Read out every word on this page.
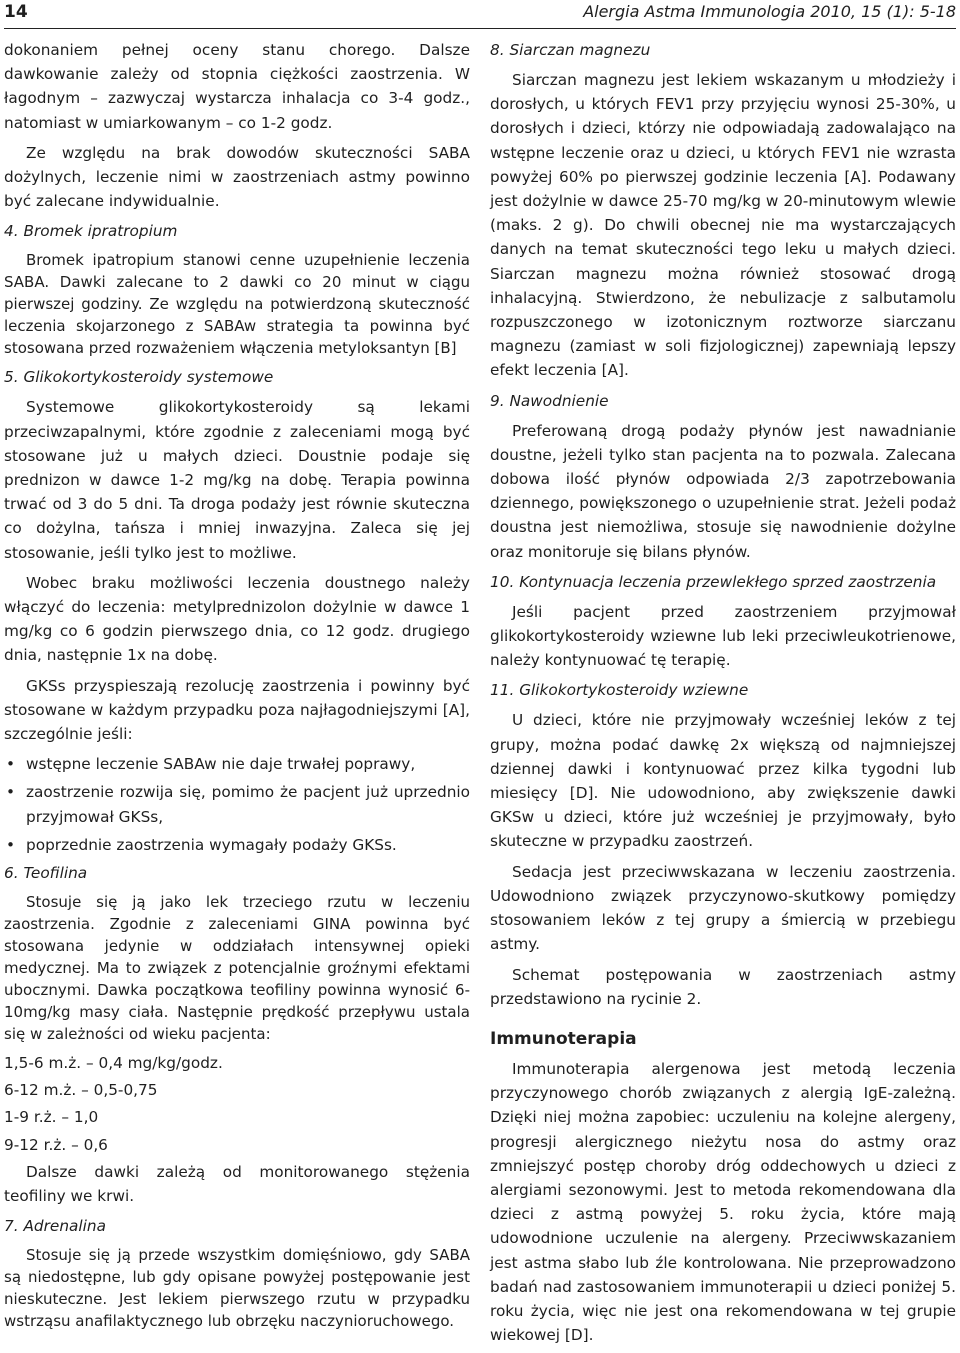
14	Alergia Astma Immunologia 2010, 15 (1): 5-18

dokonaniem pełnej oceny stanu chorego. Dalsze dawkowanie zależy od stopnia ciężkości zaostrzenia. W łagodnym – zazwyczaj wystarcza inhalacja co 3-4 godz., natomiast w umiarkowanym – co 1-2 godz.

Ze względu na brak dowodów skuteczności SABA dożylnych, leczenie nimi w zaostrzeniach astmy powinno być zalecane indywidualnie.

4. Bromek ipratropium

Bromek ipatropium stanowi cenne uzupełnienie leczenia SABA. Dawki zalecane to 2 dawki co 20 minut w ciągu pierwszej godziny. Ze względu na potwierdzoną skuteczność leczenia skojarzonego z SABAw strategia ta powinna być stosowana przed rozważeniem włączenia metyloksantyn [B]

5. Glikokortykosteroidy systemowe

Systemowe glikokortykosteroidy są lekami przeciwzapalnymi, które zgodnie z zaleceniami mogą być stosowane już u małych dzieci. Doustnie podaje się prednizon w dawce 1-2 mg/kg na dobę. Terapia powinna trwać od 3 do 5 dni. Ta droga podaży jest równie skuteczna co dożylna, tańsza i mniej inwazyjna. Zaleca się jej stosowanie, jeśli tylko jest to możliwe.

Wobec braku możliwości leczenia doustnego należy włączyć do leczenia: metylprednizolon dożylnie w dawce 1 mg/kg co 6 godzin pierwszego dnia, co 12 godz. drugiego dnia, następnie 1x na dobę.

GKSs przyspieszają rezolucję zaostrzenia i powinny być stosowane w każdym przypadku poza najłagodniejszymi [A], szczególnie jeśli:

• wstępne leczenie SABAw nie daje trwałej poprawy,
• zaostrzenie rozwija się, pomimo że pacjent już uprzednio przyjmował GKSs,
• poprzednie zaostrzenia wymagały podaży GKSs.
6. Teofilina

Stosuje się ją jako lek trzeciego rzutu w leczeniu zaostrzenia. Zgodnie z zaleceniami GINA powinna być stosowana jedynie w oddziałach intensywnej opieki medycznej. Ma to związek z potencjalnie groźnymi efektami ubocznymi. Dawka początkowa teofiliny powinna wynosić 6-10mg/kg masy ciała. Następnie prędkość przepływu ustala się w zależności od wieku pacjenta:

1,5-6 m.ż. – 0,4 mg/kg/godz.

6-12 m.ż. – 0,5-0,75

1-9 r.ż. – 1,0

9-12 r.ż. – 0,6

Dalsze dawki zależą od monitorowanego stężenia teofiliny we krwi.

7. Adrenalina

Stosuje się ją przede wszystkim domięśniowo, gdy SABA są niedostępne, lub gdy opisane powyżej postępowanie jest nieskuteczne. Jest lekiem pierwszego rzutu w przypadku wstrząsu anafilaktycznego lub obrzęku naczynioruchowego.

8. Siarczan magnezu

Siarczan magnezu jest lekiem wskazanym u młodzieży i dorosłych, u których FEV1 przy przyjęciu wynosi 25-30%, u dorosłych i dzieci, którzy nie odpowiadają zadowalająco na wstępne leczenie oraz u dzieci, u których FEV1 nie wzrasta powyżej 60% po pierwszej godzinie leczenia [A]. Podawany jest dożylnie w dawce 25-70 mg/kg w 20-minutowym wlewie (maks. 2 g). Do chwili obecnej nie ma wystarczających danych na temat skuteczności tego leku u małych dzieci. Siarczan magnezu można również stosować drogą inhalacyjną. Stwierdzono, że nebulizacje z salbutamolu rozpuszczonego w izotonicznym roztworze siarczanu magnezu (zamiast w soli fizjologicznej) zapewniają lepszy efekt leczenia [A].

9. Nawodnienie

Preferowaną drogą podaży płynów jest nawadnianie doustne, jeżeli tylko stan pacjenta na to pozwala. Zalecana dobowa ilość płynów odpowiada 2/3 zapotrzebowania dziennego, powiększonego o uzupełnienie strat. Jeżeli podaż doustna jest niemożliwa, stosuje się nawodnienie dożylne oraz monitoruje się bilans płynów.

10. Kontynuacja leczenia przewlekłego sprzed zaostrzenia

Jeśli pacjent przed zaostrzeniem przyjmował glikokortykosteroidy wziewne lub leki przeciwleukotrienowe, należy kontynuować tę terapię.

11. Glikokortykosteroidy wziewne

U dzieci, które nie przyjmowały wcześniej leków z tej grupy, można podać dawkę 2x większą od najmniejszej dziennej dawki i kontynuować przez kilka tygodni lub miesięcy [D]. Nie udowodniono, aby zwiększenie dawki GKSw u dzieci, które już wcześniej je przyjmowały, było skuteczne w przypadku zaostrzeń.

Sedacja jest przeciwwskazana w leczeniu zaostrzenia. Udowodniono związek przyczynowo-skutkowy pomiędzy stosowaniem leków z tej grupy a śmiercią w przebiegu astmy.

Schemat postępowania w zaostrzeniach astmy przedstawiono na rycinie 2.

Immunoterapia

Immunoterapia alergenowa jest metodą leczenia przyczynowego chorób związanych z alergią IgE-zależną. Dzięki niej można zapobiec: uczuleniu na kolejne alergeny, progresji alergicznego nieżytu nosa do astmy oraz zmniejszyć postęp choroby dróg oddechowych u dzieci z alergiami sezonowymi. Jest to metoda rekomendowana dla dzieci z astmą powyżej 5. roku życia, które mają udowodnione uczulenie na alergeny. Przeciwwskazaniem jest astma słabo lub źle kontrolowana. Nie przeprowadzono badań nad zastosowaniem immunoterapii u dzieci poniżej 5. roku życia, więc nie jest ona rekomendowana w tej grupie wiekowej [D].
